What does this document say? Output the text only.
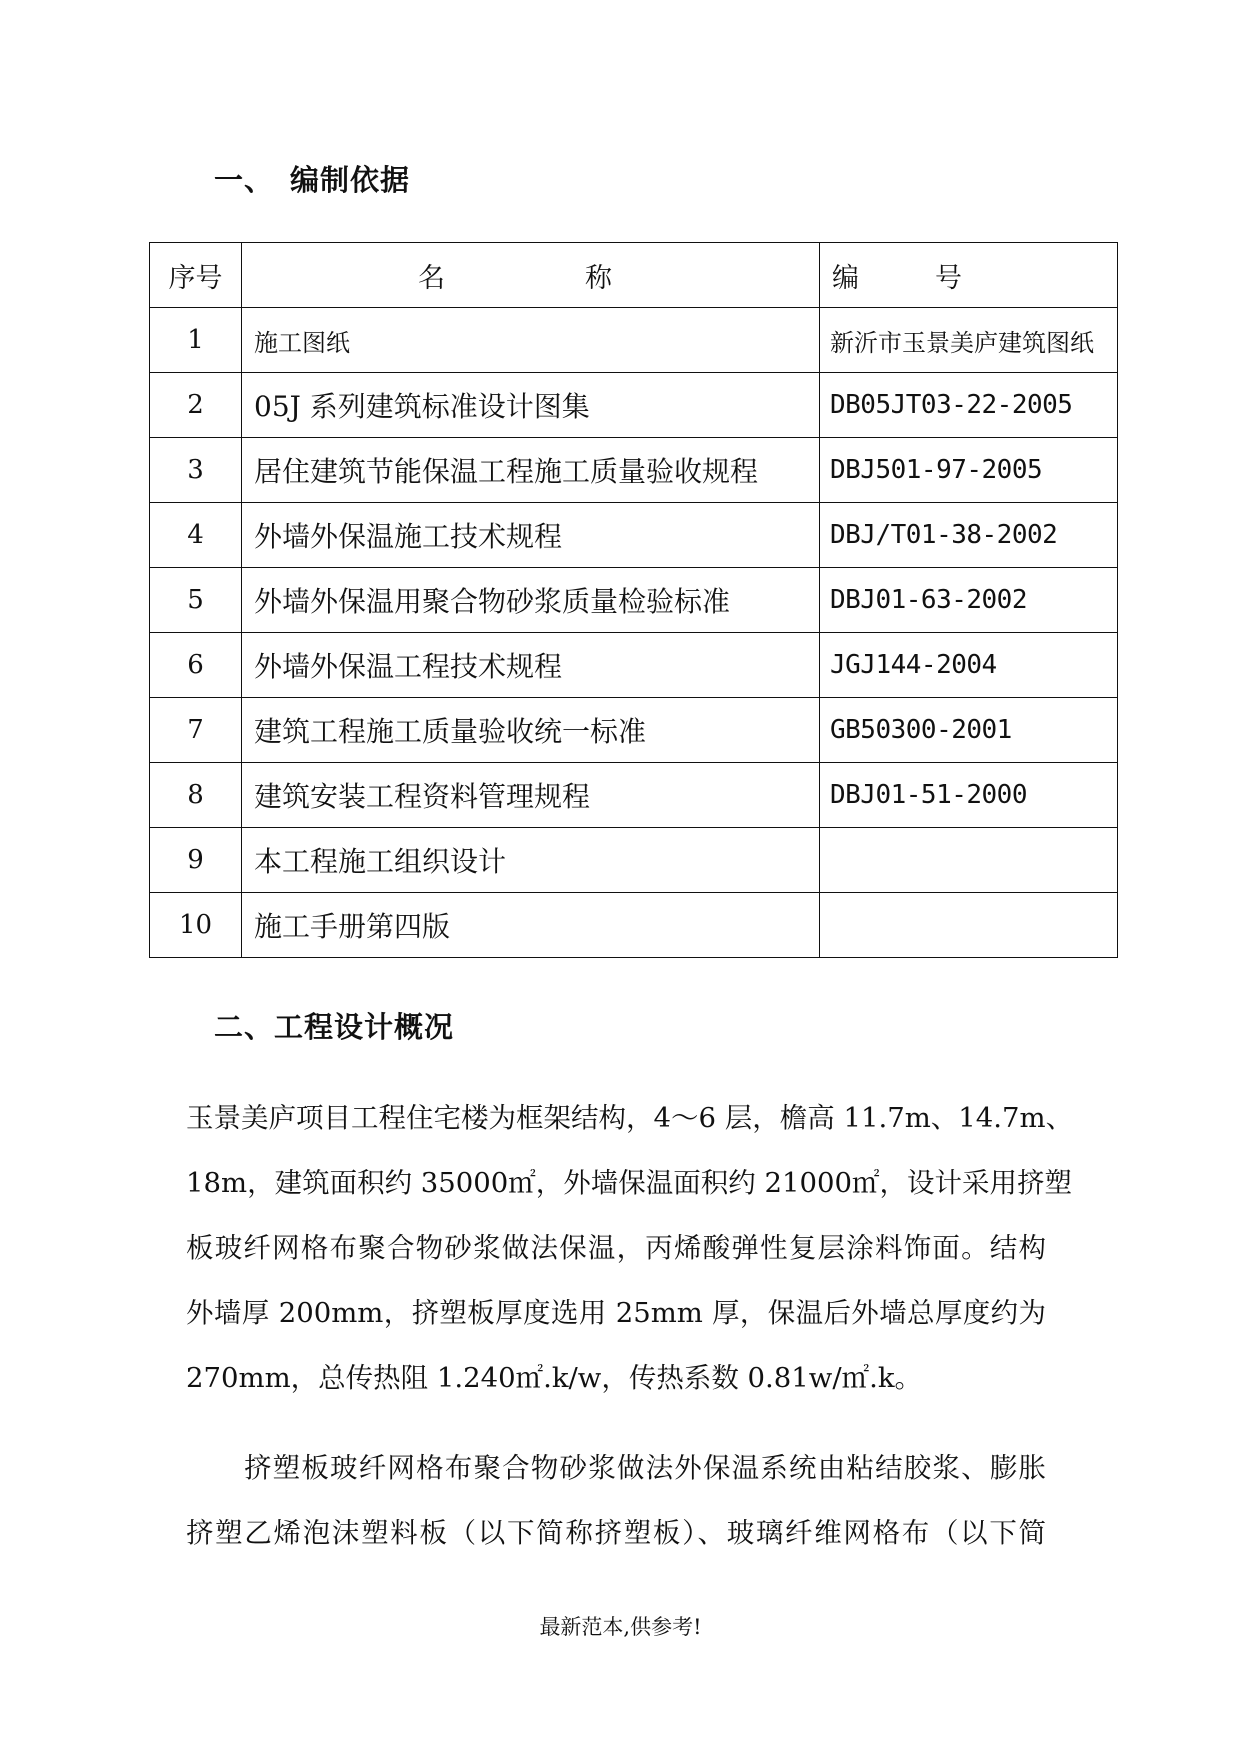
一、 编制依据
序号	名 称	编 号
1	施工图纸	新沂市玉景美庐建筑图纸
2	05J 系列建筑标准设计图集	DB05JT03-22-2005
3	居住建筑节能保温工程施工质量验收规程	DBJ501-97-2005
4	外墙外保温施工技术规程	DBJ/T01-38-2002
5	外墙外保温用聚合物砂浆质量检验标准	DBJ01-63-2002
6	外墙外保温工程技术规程	JGJ144-2004
7	建筑工程施工质量验收统一标准	GB50300-2001
8	建筑安装工程资料管理规程	DBJ01-51-2000
9	本工程施工组织设计	
10	施工手册第四版	
二、工程设计概况
玉景美庐项目工程住宅楼为框架结构，4～6 层，檐高 11.7m、14.7m、
18m，建筑面积约 35000㎡，外墙保温面积约 21000㎡，设计采用挤塑
板玻纤网格布聚合物砂浆做法保温，丙烯酸弹性复层涂料饰面。结构
外墙厚 200mm，挤塑板厚度选用 25mm 厚，保温后外墙总厚度约为
270mm，总传热阻 1.240㎡.k/w，传热系数 0.81w/㎡.k。
挤塑板玻纤网格布聚合物砂浆做法外保温系统由粘结胶浆、膨胀
挤塑乙烯泡沫塑料板（以下简称挤塑板）、玻璃纤维网格布（以下简
最新范本,供参考!
